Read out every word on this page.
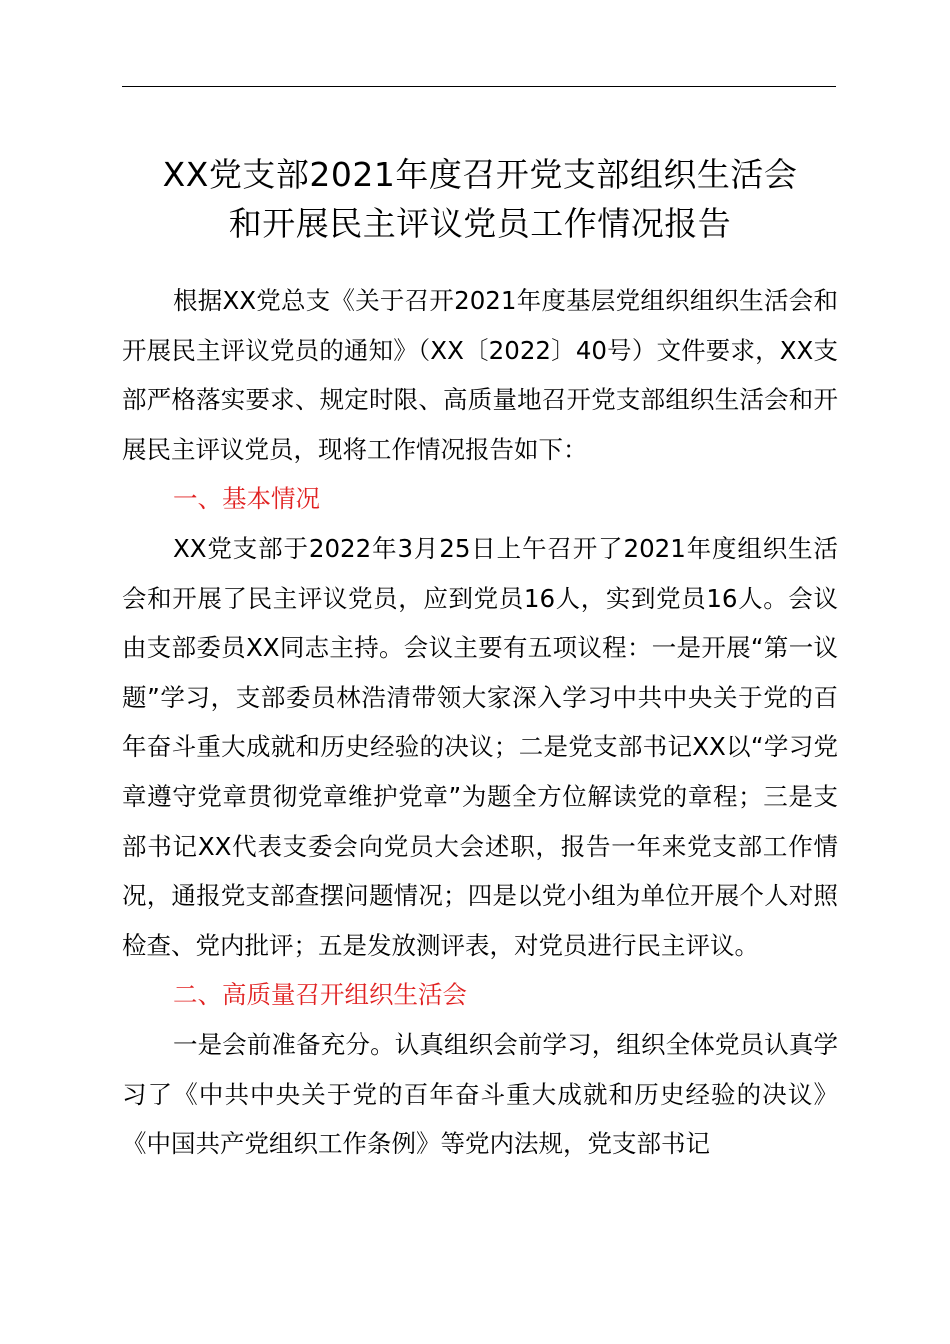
XX党支部2021年度召开党支部组织生活会
和开展民主评议党员工作情况报告

根据XX党总支《关于召开2021年度基层党组织组织生活会和开展民主评议党员的通知》（XX〔2022〕40号）文件要求，XX支部严格落实要求、规定时限、高质量地召开党支部组织生活会和开展民主评议党员，现将工作情况报告如下：

一、基本情况

XX党支部于2022年3月25日上午召开了2021年度组织生活会和开展了民主评议党员，应到党员16人，实到党员16人。会议由支部委员XX同志主持。会议主要有五项议程：一是开展“第一议题”学习，支部委员林浩清带领大家深入学习中共中央关于党的百年奋斗重大成就和历史经验的决议；二是党支部书记XX以“学习党章遵守党章贯彻党章维护党章”为题全方位解读党的章程；三是支部书记XX代表支委会向党员大会述职，报告一年来党支部工作情况，通报党支部查摆问题情况；四是以党小组为单位开展个人对照检查、党内批评；五是发放测评表，对党员进行民主评议。

二、高质量召开组织生活会

一是会前准备充分。认真组织会前学习，组织全体党员认真学习了《中共中央关于党的百年奋斗重大成就和历史经验的决议》《中国共产党组织工作条例》等党内法规，党支部书记
